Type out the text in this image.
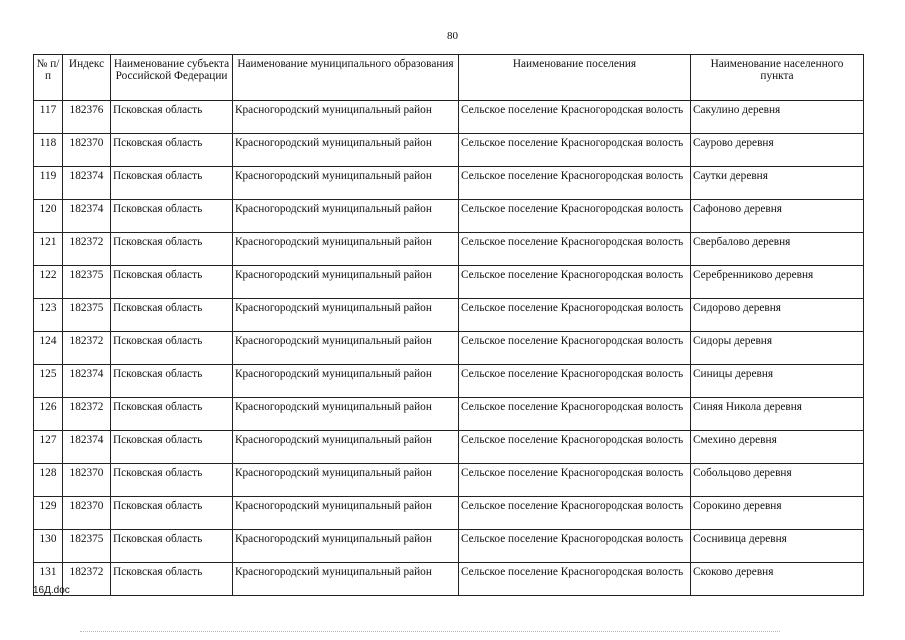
80
№ п/п	Индекс	Наименование субъекта Российской Федерации	Наименование муниципального образования	Наименование поселения	Наименование населенного пункта
117	182376	Псковская область	Красногородский муниципальный район	Сельское поселение Красногородская волость	Сакулино деревня
118	182370	Псковская область	Красногородский муниципальный район	Сельское поселение Красногородская волость	Саурово деревня
119	182374	Псковская область	Красногородский муниципальный район	Сельское поселение Красногородская волость	Саутки деревня
120	182374	Псковская область	Красногородский муниципальный район	Сельское поселение Красногородская волость	Сафоново деревня
121	182372	Псковская область	Красногородский муниципальный район	Сельское поселение Красногородская волость	Свербалово деревня
122	182375	Псковская область	Красногородский муниципальный район	Сельское поселение Красногородская волость	Серебренниково деревня
123	182375	Псковская область	Красногородский муниципальный район	Сельское поселение Красногородская волость	Сидорово деревня
124	182372	Псковская область	Красногородский муниципальный район	Сельское поселение Красногородская волость	Сидоры деревня
125	182374	Псковская область	Красногородский муниципальный район	Сельское поселение Красногородская волость	Синицы деревня
126	182372	Псковская область	Красногородский муниципальный район	Сельское поселение Красногородская волость	Синяя Никола деревня
127	182374	Псковская область	Красногородский муниципальный район	Сельское поселение Красногородская волость	Смехино деревня
128	182370	Псковская область	Красногородский муниципальный район	Сельское поселение Красногородская волость	Собольцово деревня
129	182370	Псковская область	Красногородский муниципальный район	Сельское поселение Красногородская волость	Сорокино деревня
130	182375	Псковская область	Красногородский муниципальный район	Сельское поселение Красногородская волость	Соснивица деревня
131	182372	Псковская область	Красногородский муниципальный район	Сельское поселение Красногородская волость	Скоково деревня
16Д.doc
